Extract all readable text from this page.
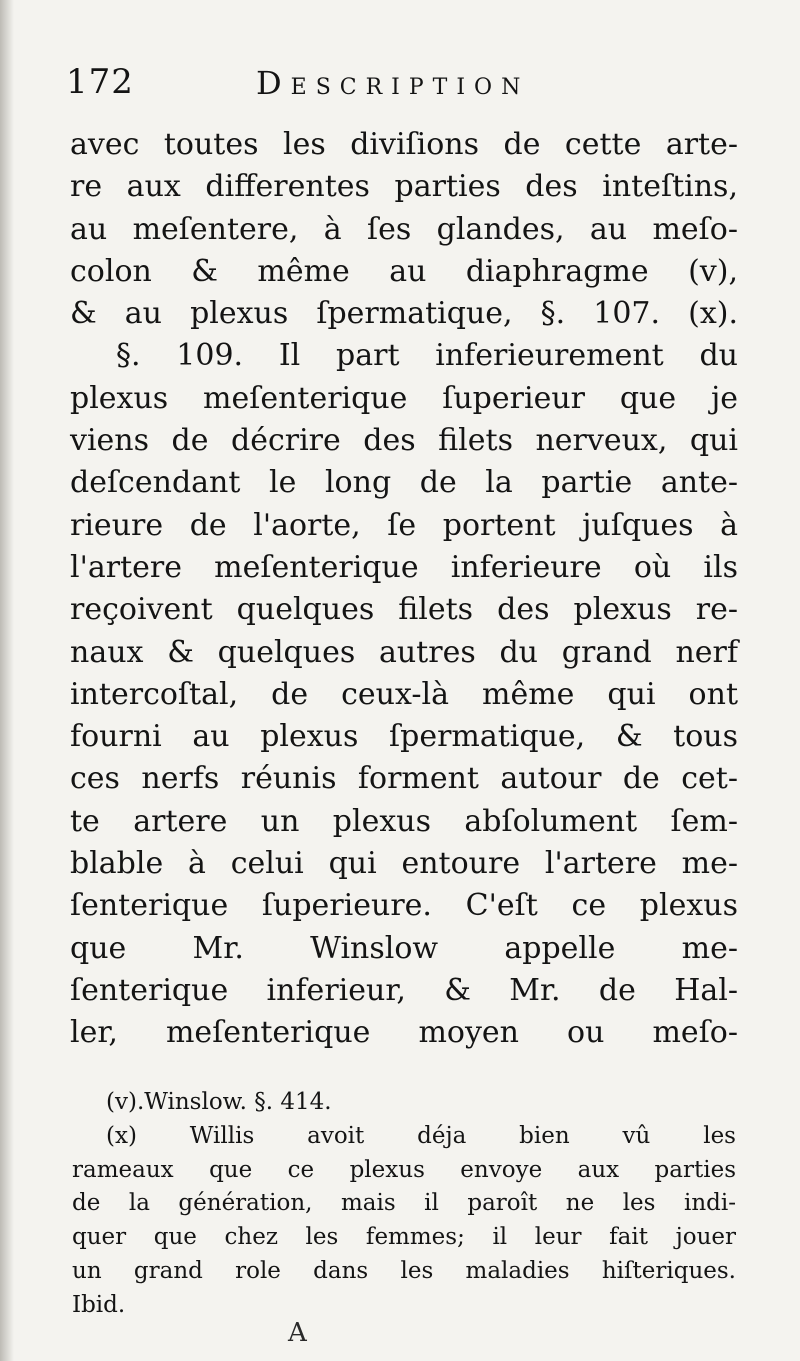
172	Description
avec toutes les diviſions de cette arte-
re aux differentes parties des inteſtins,
au meſentere, à ſes glandes, au meſo-
colon & même au diaphragme (v),
& au plexus ſpermatique, §. 107. (x).
§. 109. Il part inferieurement du
plexus meſenterique ſuperieur que je
viens de décrire des filets nerveux, qui
deſcendant le long de la partie ante-
rieure de l'aorte, ſe portent juſques à
l'artere meſenterique inferieure où ils
reçoivent quelques filets des plexus re-
naux & quelques autres du grand nerf
intercoſtal, de ceux-là même qui ont
fourni au plexus ſpermatique, & tous
ces nerfs réunis forment autour de cet-
te artere un plexus abſolument ſem-
blable à celui qui entoure l'artere me-
ſenterique ſuperieure. C'eſt ce plexus
que Mr. Winslow appelle me-
ſenterique inferieur, & Mr. de Hal-
ler, meſenterique moyen ou meſo-
(v).Winslow. §. 414.
(x) Willis avoit déja bien vû les
rameaux que ce plexus envoye aux parties
de la génération, mais il paroît ne les indi-
quer que chez les femmes; il leur fait jouer
un grand role dans les maladies hiſteriques.
Ibid.
A
